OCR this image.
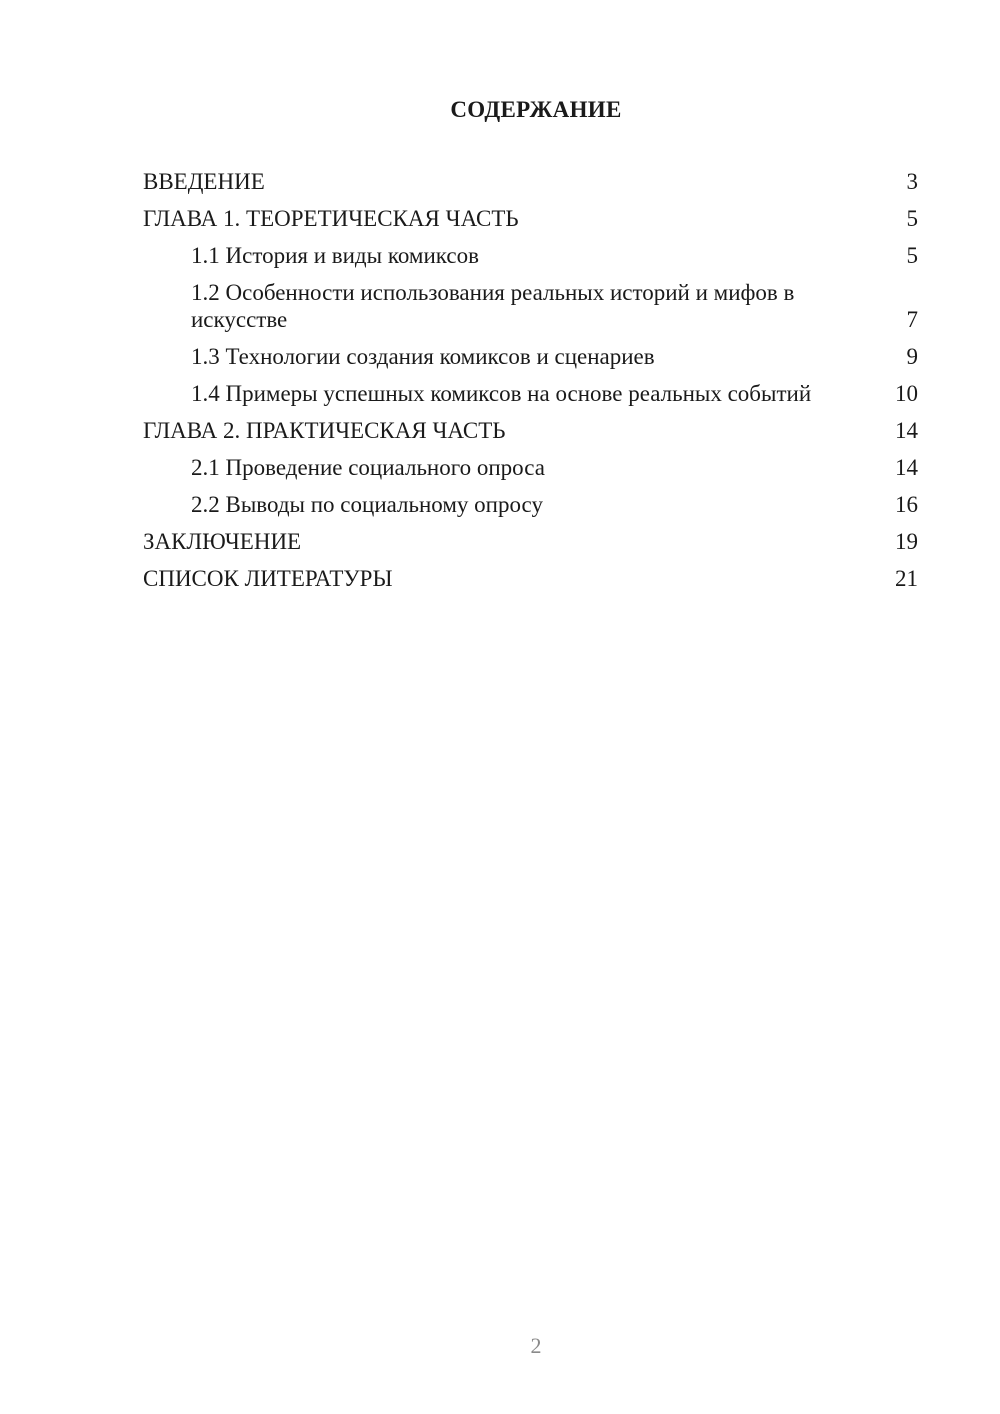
СОДЕРЖАНИЕ
ВВЕДЕНИЕ	3
ГЛАВА 1. ТЕОРЕТИЧЕСКАЯ ЧАСТЬ	5
1.1 История и виды комиксов	5
1.2 Особенности использования реальных историй и мифов в искусстве	7
1.3 Технологии создания комиксов и сценариев	9
1.4 Примеры успешных комиксов на основе реальных событий	10
ГЛАВА 2. ПРАКТИЧЕСКАЯ ЧАСТЬ	14
2.1 Проведение социального опроса	14
2.2 Выводы по социальному опросу	16
ЗАКЛЮЧЕНИЕ	19
СПИСОК ЛИТЕРАТУРЫ	21
2
